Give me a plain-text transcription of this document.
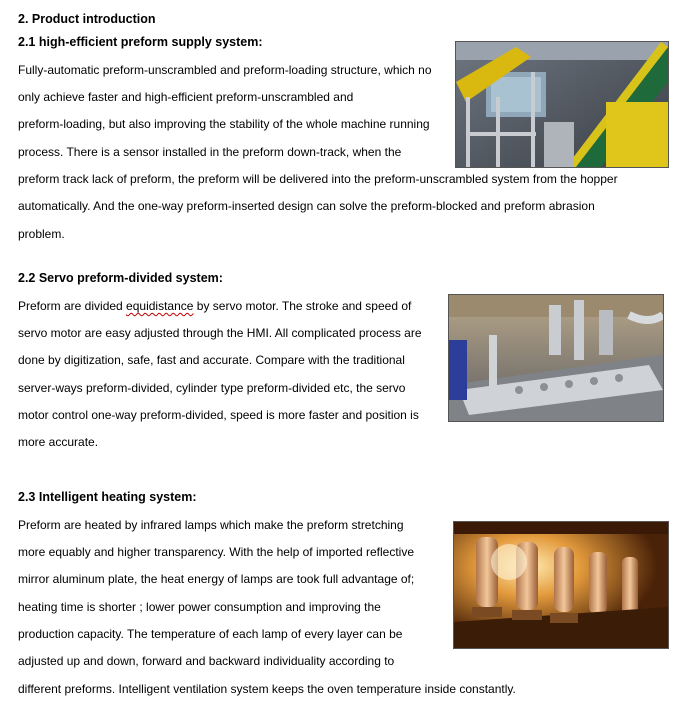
2. Product introduction
2.1 high-efficient preform supply system:
Fully-automatic preform-unscrambled and preform-loading structure, which no
only achieve faster and high-efficient preform-unscrambled and
preform-loading, but also improving the stability of the whole machine running
process. There is a sensor installed in the preform down-track, when the
preform track lack of preform, the preform will be delivered into the preform-unscrambled system from the hopper
automatically. And the one-way preform-inserted design can solve the preform-blocked and preform abrasion
problem.
2.2 Servo preform-divided system:
Preform are divided equidistance by servo motor. The stroke and speed of
servo motor are easy adjusted through the HMI. All complicated process are
done by digitization, safe, fast and accurate. Compare with the traditional
server-ways preform-divided, cylinder type preform-divided etc, the servo
motor control one-way preform-divided, speed is more faster and position is
more accurate.
2.3 Intelligent heating system:
Preform are heated by infrared lamps which make the preform stretching
more equably and higher transparency. With the help of imported reflective
mirror aluminum plate, the heat energy of lamps are took full advantage of;
heating time is shorter ; lower power consumption and improving the
production capacity. The temperature of each lamp of every layer can be
adjusted up and down, forward and backward individuality according to
different preforms. Intelligent ventilation system keeps the oven temperature inside constantly.
